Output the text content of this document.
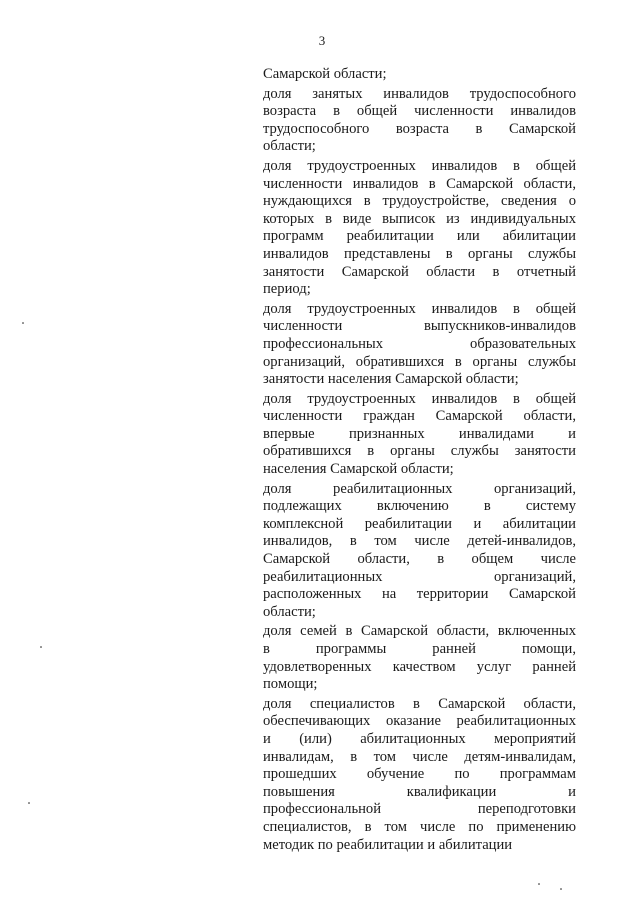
3
Самарской области;
доля занятых инвалидов трудоспособного
возраста в общей численности инвалидов
трудоспособного возраста в Самарской
области;
доля трудоустроенных инвалидов в общей
численности инвалидов в Самарской области,
нуждающихся в трудоустройстве, сведения о
которых в виде выписок из индивидуальных
программ реабилитации или абилитации
инвалидов представлены в органы службы
занятости Самарской области в отчетный
период;
доля трудоустроенных инвалидов в общей
численности выпускников-инвалидов
профессиональных образовательных
организаций, обратившихся в органы службы
занятости населения Самарской области;
доля трудоустроенных инвалидов в общей
численности граждан Самарской области,
впервые признанных инвалидами и
обратившихся в органы службы занятости
населения Самарской области;
доля реабилитационных организаций,
подлежащих включению в систему
комплексной реабилитации и абилитации
инвалидов, в том числе детей-инвалидов,
Самарской области, в общем числе
реабилитационных организаций,
расположенных на территории Самарской
области;
доля семей в Самарской области, включенных
в программы ранней помощи,
удовлетворенных качеством услуг ранней
помощи;
доля специалистов в Самарской области,
обеспечивающих оказание реабилитационных
и (или) абилитационных мероприятий
инвалидам, в том числе детям-инвалидам,
прошедших обучение по программам
повышения квалификации и
профессиональной переподготовки
специалистов, в том числе по применению
методик по реабилитации и абилитации
